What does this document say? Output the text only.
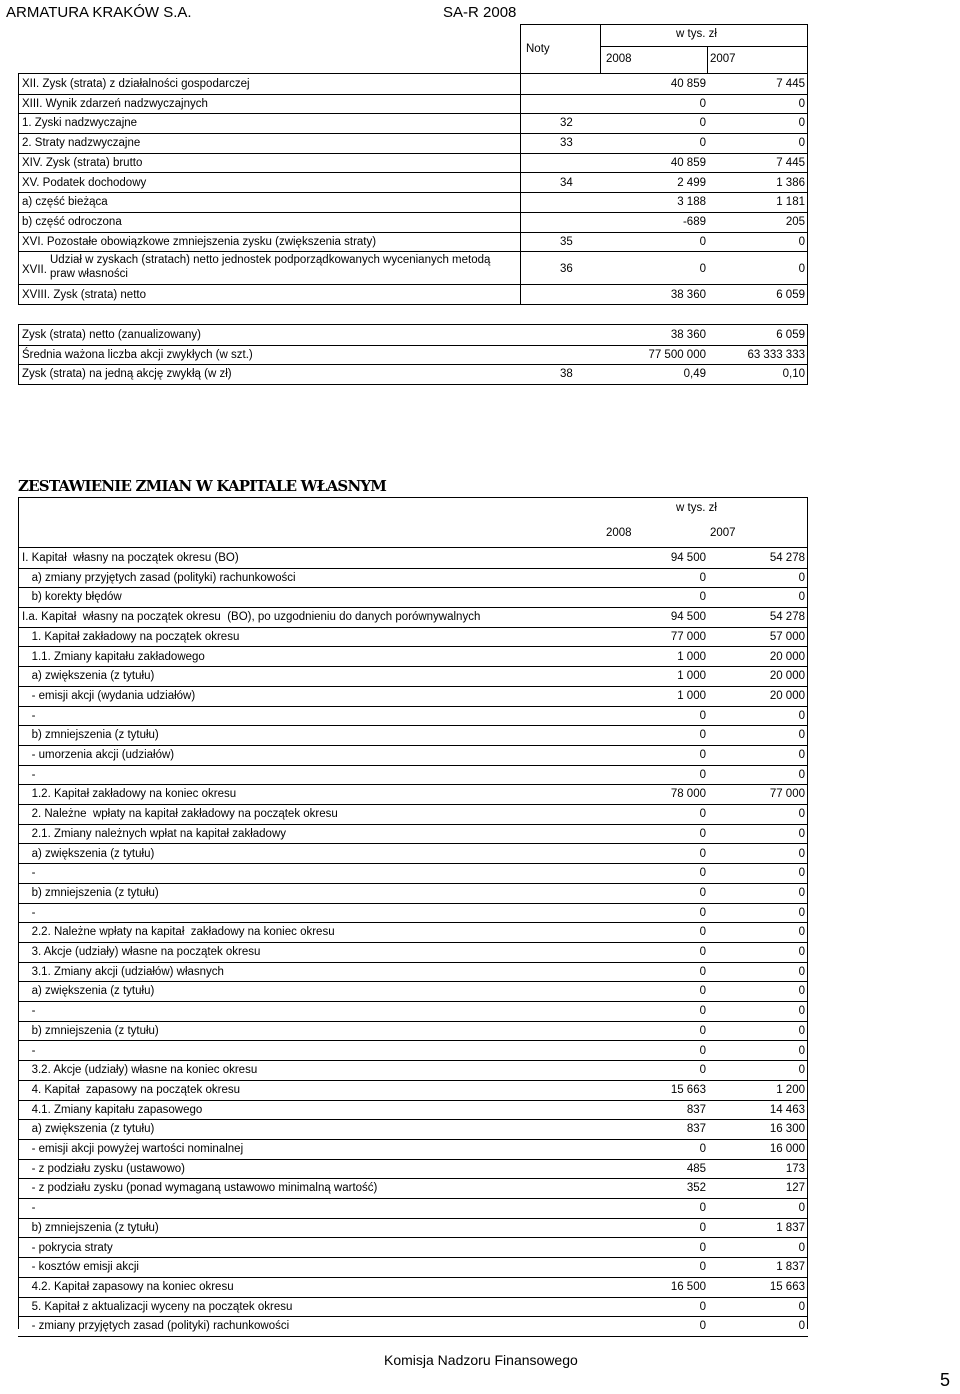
ARMATURA KRAKÓW S.A.	SA-R 2008
Noty
w tys. zł
2008	2007
XII. Zysk (strata) z działalności gospodarczej	40 859	7 445
XIII. Wynik zdarzeń nadzwyczajnych	0	0
1. Zyski nadzwyczajne	32	0	0
2. Straty nadzwyczajne	33	0	0
XIV. Zysk (strata) brutto	40 859	7 445
XV. Podatek dochodowy	34	2 499	1 386
a) część bieżąca	3 188	1 181
b) część odroczona	-689	205
XVI. Pozostałe obowiązkowe zmniejszenia zysku (zwiększenia straty)	35	0	0
XVII.
Udział w zyskach (stratach) netto jednostek podporządkowanych wycenianych metodą
praw własności	36	0	0
XVIII. Zysk (strata) netto	38 360	6 059
Zysk (strata) netto (zanualizowany)	38 360	6 059
Średnia ważona liczba akcji zwykłych (w szt.)	77 500 000	63 333 333
Zysk (strata) na jedną akcję zwykłą (w zł)	38	0,49	0,10
ZESTAWIENIE ZMIAN W KAPITALE WŁASNYM
w tys. zł
2008	2007
I. Kapitał  własny na początek okresu (BO)	94 500	54 278
a) zmiany przyjętych zasad (polityki) rachunkowości	0	0
b) korekty błędów	0	0
I.a. Kapitał  własny na początek okresu  (BO), po uzgodnieniu do danych porównywalnych	94 500	54 278
1. Kapitał zakładowy na początek okresu	77 000	57 000
1.1. Zmiany kapitału zakładowego	1 000	20 000
a) zwiększenia (z tytułu)	1 000	20 000
- emisji akcji (wydania udziałów)	1 000	20 000
-	0	0
b) zmniejszenia (z tytułu)	0	0
- umorzenia akcji (udziałów)	0	0
-	0	0
1.2. Kapitał zakładowy na koniec okresu	78 000	77 000
2. Należne  wpłaty na kapitał zakładowy na początek okresu	0	0
2.1. Zmiany należnych wpłat na kapitał zakładowy	0	0
a) zwiększenia (z tytułu)	0	0
-	0	0
b) zmniejszenia (z tytułu)	0	0
-	0	0
2.2. Należne wpłaty na kapitał  zakładowy na koniec okresu	0	0
3. Akcje (udziały) własne na początek okresu	0	0
3.1. Zmiany akcji (udziałów) własnych	0	0
a) zwiększenia (z tytułu)	0	0
-	0	0
b) zmniejszenia (z tytułu)	0	0
-	0	0
3.2. Akcje (udziały) własne na koniec okresu	0	0
4. Kapitał  zapasowy na początek okresu	15 663	1 200
4.1. Zmiany kapitału zapasowego	837	14 463
a) zwiększenia (z tytułu)	837	16 300
- emisji akcji powyżej wartości nominalnej	0	16 000
- z podziału zysku (ustawowo)	485	173
- z podziału zysku (ponad wymaganą ustawowo minimalną wartość)	352	127
-	0	0
b) zmniejszenia (z tytułu)	0	1 837
- pokrycia straty	0	0
- kosztów emisji akcji	0	1 837
4.2. Kapitał zapasowy na koniec okresu	16 500	15 663
5. Kapitał z aktualizacji wyceny na początek okresu	0	0
- zmiany przyjętych zasad (polityki) rachunkowości	0	0
Komisja Nadzoru Finansowego
5
